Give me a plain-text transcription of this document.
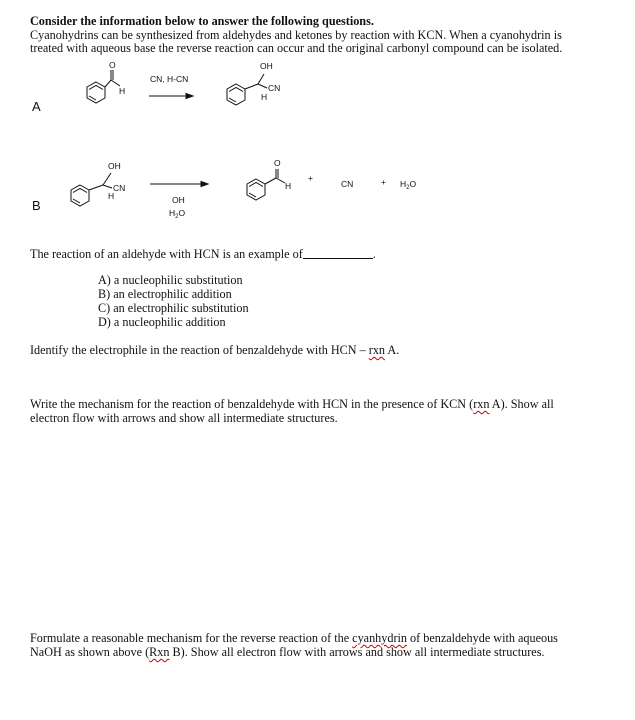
Consider the information below to answer the following questions.
Cyanohydrins can be synthesized from aldehydes and ketones by reaction with KCN. When a cyanohydrin is
treated with aqueous base the reverse reaction can occur and the original carbonyl compound can be isolated.
A
B
O
H
CN, H-CN
OH
CN
H
OH
CN
H	OH
$H_2O$
O
H
+
CN	+ $H_2O$
The reaction of an aldehyde with HCN is an example of	.
A) a nucleophilic substitution
B) an electrophilic addition
C) an electrophilic substitution
D) a nucleophilic addition
Identify the electrophile in the reaction of benzaldehyde with HCN – rxn A.
Write the mechanism for the reaction of benzaldehyde with HCN in the presence of KCN (rxn A). Show all
electron flow with arrows and show all intermediate structures.
Formulate a reasonable mechanism for the reverse reaction of the cyanhydrin of benzaldehyde with aqueous
NaOH as shown above (Rxn B). Show all electron flow with arrows and show all intermediate structures.
